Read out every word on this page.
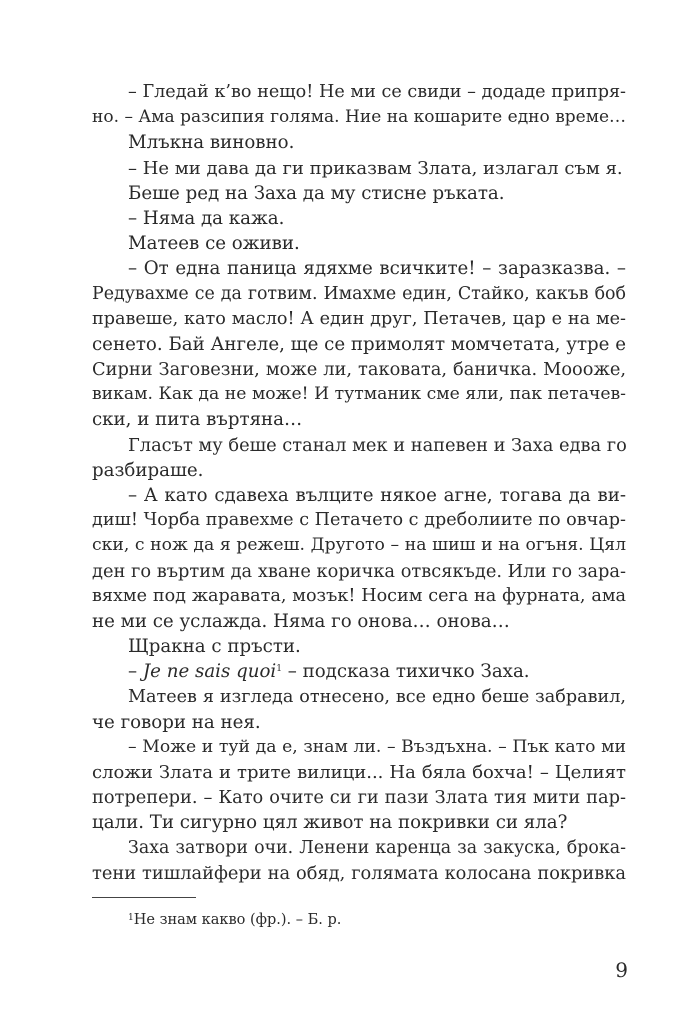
– Гледай к’во нещо! Не ми се свиди – додаде припря-
но. – Ама разсипия голяма. Ние на кошарите едно време…
Млъкна виновно.
– Не ми дава да ги приказвам Злата, излагал съм я.
Беше ред на Заха да му стисне ръката.
– Няма да кажа.
Матеев се оживи.
– От една паница ядяхме всичките! – заразказва. –
Редувахме се да готвим. Имахме един, Стайко, какъв боб
правеше, като масло! А един друг, Петачев, цар е на ме-
сенето. Бай Ангеле, ще се примолят момчетата, утре е
Сирни Заговезни, може ли, таковата, баничка. Моооже,
викам. Как да не може! И тутманик сме яли, пак петачев-
ски, и пита въртяна…
Гласът му беше станал мек и напевен и Заха едва го
разбираше.
– А като сдавеха вълците някое агне, тогава да ви-
диш! Чорба правехме с Петачето с дреболиите по овчар-
ски, с нож да я режеш. Другото – на шиш и на огъня. Цял
ден го въртим да хване коричка отвсякъде. Или го зара-
вяхме под жаравата, мозък! Носим сега на фурната, ама
не ми се услажда. Няма го онова… онова…
Щракна с пръсти.
– Je ne sais quoi$^1$ – подсказа тихичко Заха.
Матеев я изгледа отнесено, все едно беше забравил,
че говори на нея.
– Може и туй да е, знам ли. – Въздъхна. – Пък като ми
сложи Злата и трите вилици... На бяла бохча! – Целият
потрепери. – Като очите си ги пази Злата тия мити пар-
цали. Ти сигурно цял живот на покривки си яла?
Заха затвори очи. Ленени каренца за закуска, брока-
тени тишлайфери на обяд, голямата колосана покривка
$^1$Не знам какво (фр.). – Б. р.
9
